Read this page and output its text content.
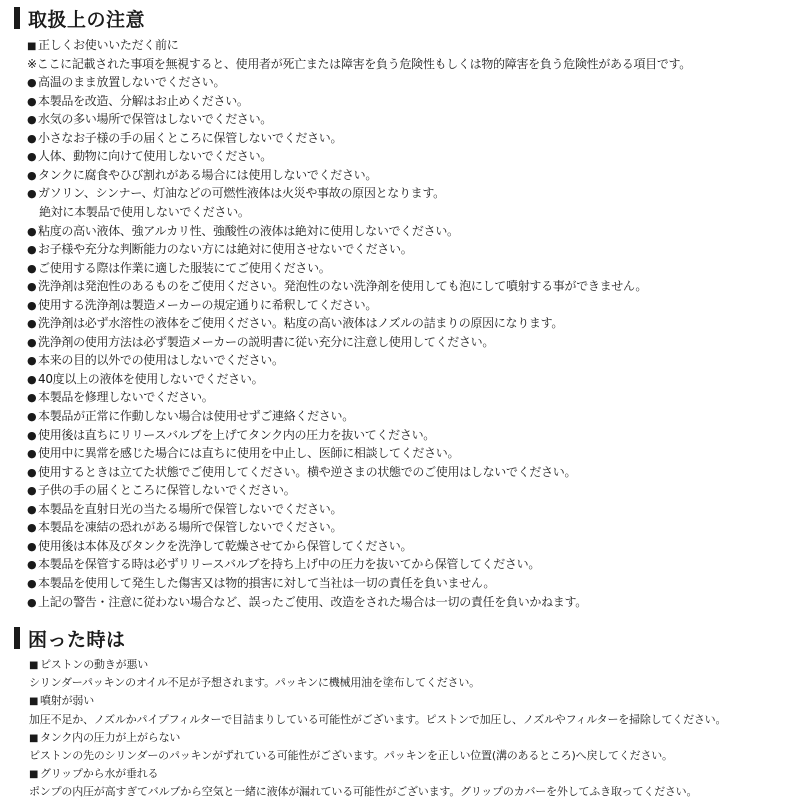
取扱上の注意
■ 正しくお使いいただく前に
※ここに記載された事項を無視すると、使用者が死亡または障害を負う危険性もしくは物的障害を負う危険性がある項目です。
● 高温のまま放置しないでください。
● 本製品を改造、分解はお止めください。
● 水気の多い場所で保管はしないでください。
● 小さなお子様の手の届くところに保管しないでください。
● 人体、動物に向けて使用しないでください。
● タンクに腐食やひび割れがある場合には使用しないでください。
● ガソリン、シンナー、灯油などの可燃性液体は火災や事故の原因となります。
絶対に本製品で使用しないでください。
● 粘度の高い液体、強アルカリ性、強酸性の液体は絶対に使用しないでください。
● お子様や充分な判断能力のない方には絶対に使用させないでください。
● ご使用する際は作業に適した服装にてご使用ください。
● 洗浄剤は発泡性のあるものをご使用ください。発泡性のない洗浄剤を使用しても泡にして噴射する事ができません。
● 使用する洗浄剤は製造メーカーの規定通りに希釈してください。
● 洗浄剤は必ず水溶性の液体をご使用ください。粘度の高い液体はノズルの詰まりの原因になります。
● 洗浄剤の使用方法は必ず製造メーカーの説明書に従い充分に注意し使用してください。
● 本来の目的以外での使用はしないでください。
● 40度以上の液体を使用しないでください。
● 本製品を修理しないでください。
● 本製品が正常に作動しない場合は使用せずご連絡ください。
● 使用後は直ちにリリースバルブを上げてタンク内の圧力を抜いてください。
● 使用中に異常を感じた場合には直ちに使用を中止し、医師に相談してください。
● 使用するときは立てた状態でご使用してください。横や逆さまの状態でのご使用はしないでください。
● 子供の手の届くところに保管しないでください。
● 本製品を直射日光の当たる場所で保管しないでください。
● 本製品を凍結の恐れがある場所で保管しないでください。
● 使用後は本体及びタンクを洗浄して乾燥させてから保管してください。
● 本製品を保管する時は必ずリリースバルブを持ち上げ中の圧力を抜いてから保管してください。
● 本製品を使用して発生した傷害又は物的損害に対して当社は一切の責任を負いません。
● 上記の警告・注意に従わない場合など、誤ったご使用、改造をされた場合は一切の責任を負いかねます。
困った時は
■ ピストンの動きが悪い
シリンダーパッキンのオイル不足が予想されます。パッキンに機械用油を塗布してください。
■ 噴射が弱い
加圧不足か、ノズルかパイプフィルターで目詰まりしている可能性がございます。ピストンで加圧し、ノズルやフィルターを掃除してください。
■ タンク内の圧力が上がらない
ピストンの先のシリンダーのパッキンがずれている可能性がございます。パッキンを正しい位置(溝のあるところ)へ戻してください。
■ グリップから水が垂れる
ポンプの内圧が高すぎてバルブから空気と一緒に液体が漏れている可能性がございます。グリップのカバーを外してふき取ってください。
